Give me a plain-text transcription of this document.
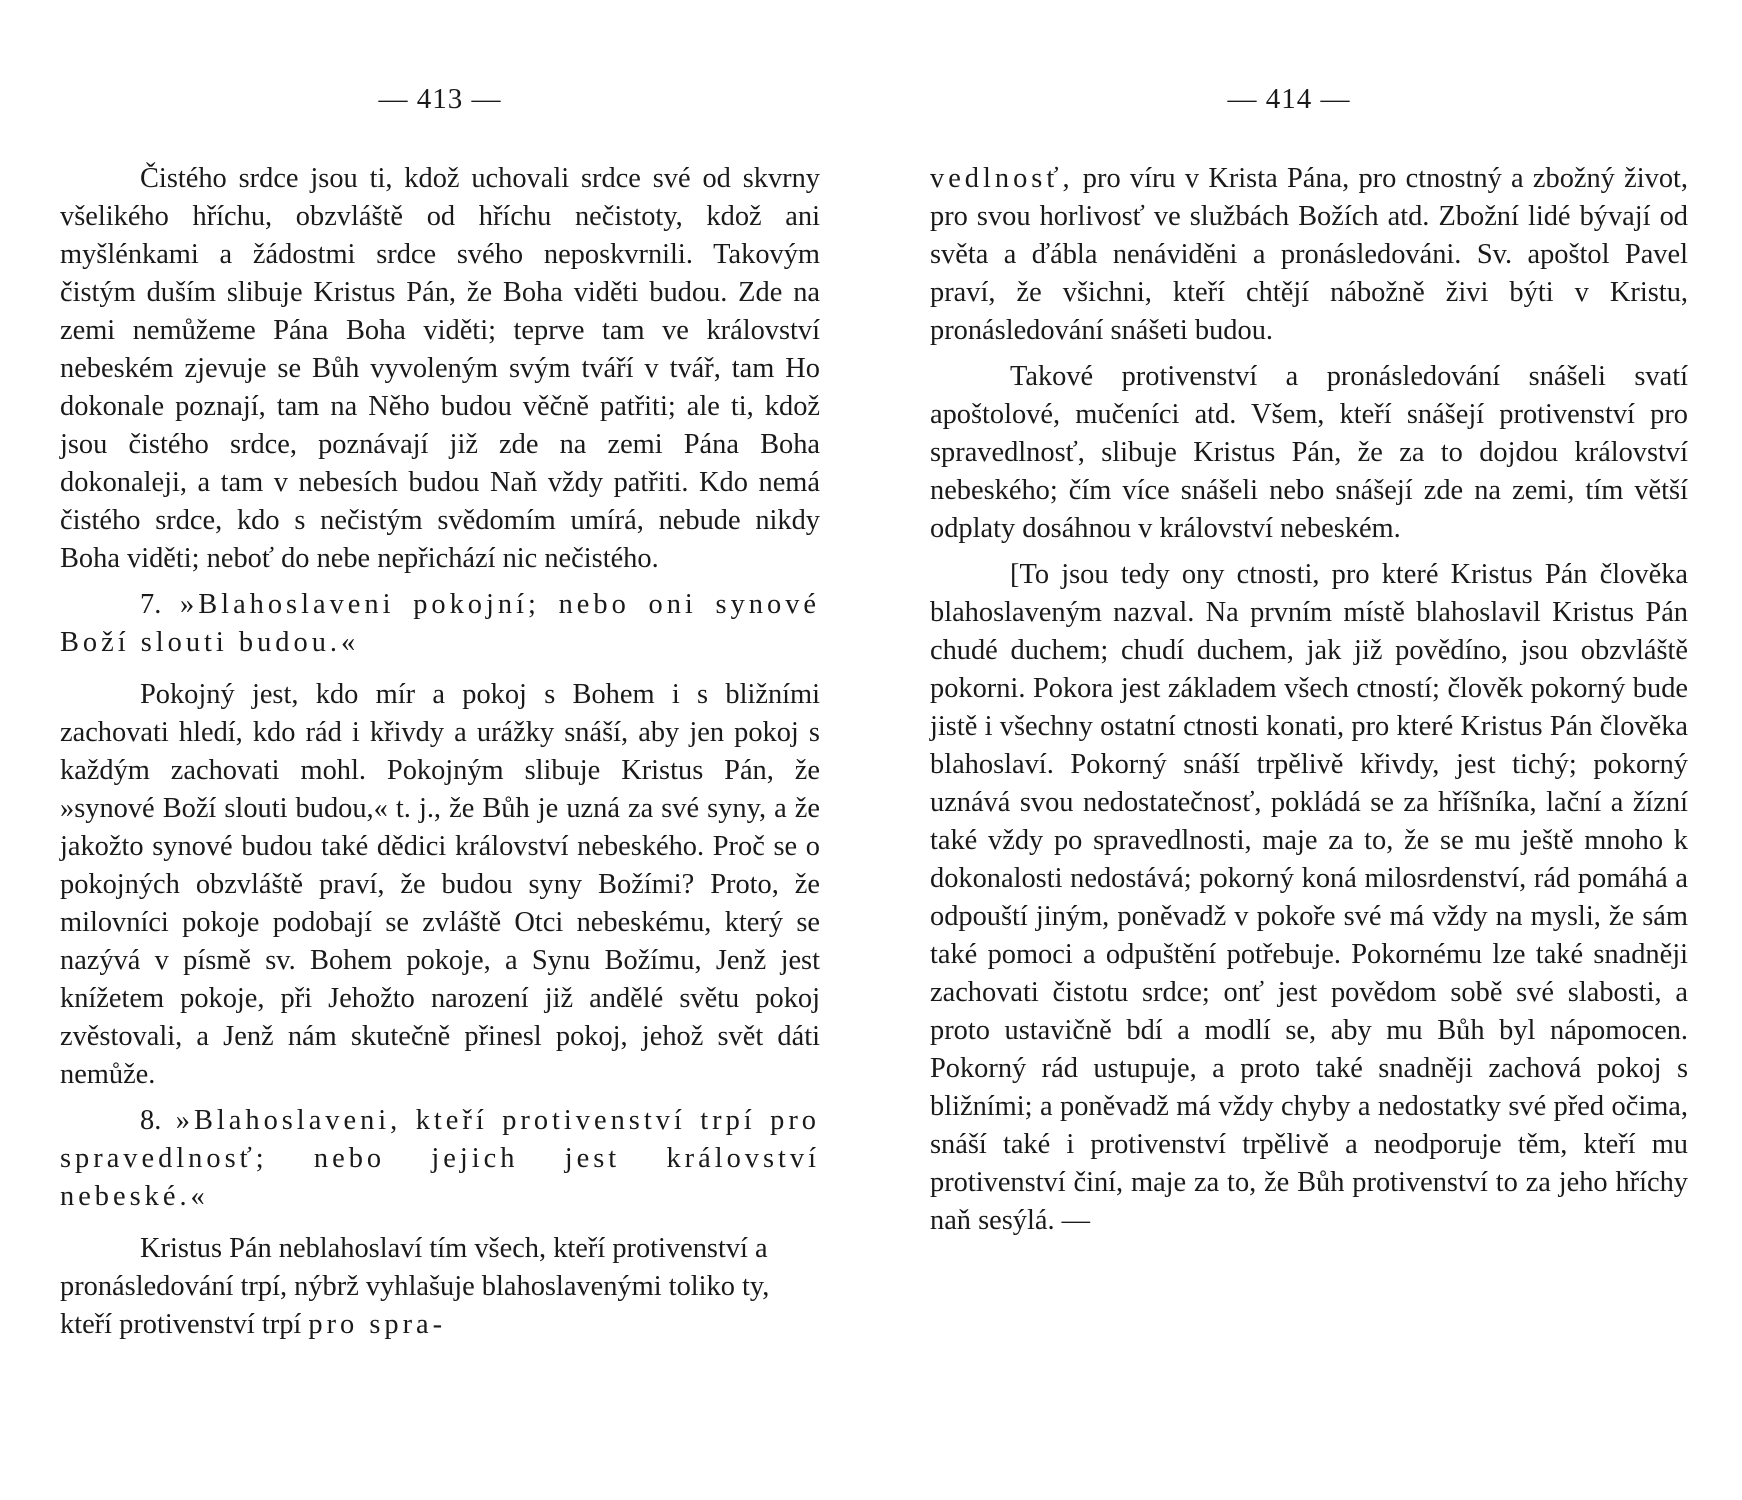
— 413 —

Čistého srdce jsou ti, kdož uchovali srdce své od skvrny všelikého hříchu, obzvláště od hříchu nečistoty, kdož ani myšlénkami a žádostmi srdce svého neposkvrnili. Takovým čistým duším slibuje Kristus Pán, že Boha viděti budou. Zde na zemi nemůžeme Pána Boha viděti; teprve tam ve království nebeském zjevuje se Bůh vyvoleným svým tváří v tvář, tam Ho dokonale poznají, tam na Něho budou věčně patřiti; ale ti, kdož jsou čistého srdce, poznávají již zde na zemi Pána Boha dokonaleji, a tam v nebesích budou Naň vždy patřiti. Kdo nemá čistého srdce, kdo s nečistým svědomím umírá, nebude nikdy Boha viděti; neboť do nebe nepřichází nic nečistého.

7. »Blahoslaveni pokojní; nebo oni synové Boží slouti budou.«

Pokojný jest, kdo mír a pokoj s Bohem i s bližními zachovati hledí, kdo rád i křivdy a urážky snáší, aby jen pokoj s každým zachovati mohl. Pokojným slibuje Kristus Pán, že »synové Boží slouti budou,« t. j., že Bůh je uzná za své syny, a že jakožto synové budou také dědici království nebeského. Proč se o pokojných obzvláště praví, že budou syny Božími? Proto, že milovníci pokoje podobají se zvláště Otci nebeskému, který se nazývá v písmě sv. Bohem pokoje, a Synu Božímu, Jenž jest knížetem pokoje, při Jehožto narození již andělé světu pokoj zvěstovali, a Jenž nám skutečně přinesl pokoj, jehož svět dáti nemůže.

8. »Blahoslaveni, kteří protivenství trpí pro spravedlnosť; nebo jejich jest království nebeské.«

Kristus Pán neblahoslaví tím všech, kteří protivenství a pronásledování trpí, nýbrž vyhlašuje blahoslavenými toliko ty, kteří protivenství trpí pro spra-

— 414 —

vedlnosť, pro víru v Krista Pána, pro ctnostný a zbožný život, pro svou horlivosť ve službách Božích atd. Zbožní lidé bývají od světa a ďábla nenáviděni a pronásledováni. Sv. apoštol Pavel praví, že všichni, kteří chtějí nábožně živi býti v Kristu, pronásledování snášeti budou.

Takové protivenství a pronásledování snášeli svatí apoštolové, mučeníci atd. Všem, kteří snášejí protivenství pro spravedlnosť, slibuje Kristus Pán, že za to dojdou království nebeského; čím více snášeli nebo snášejí zde na zemi, tím větší odplaty dosáhnou v království nebeském.

[To jsou tedy ony ctnosti, pro které Kristus Pán člověka blahoslaveným nazval. Na prvním místě blahoslavil Kristus Pán chudé duchem; chudí duchem, jak již povědíno, jsou obzvláště pokorni. Pokora jest základem všech ctností; člověk pokorný bude jistě i všechny ostatní ctnosti konati, pro které Kristus Pán člověka blahoslaví. Pokorný snáší trpělivě křivdy, jest tichý; pokorný uznává svou nedostatečnosť, pokládá se za hříšníka, lační a žízní také vždy po spravedlnosti, maje za to, že se mu ještě mnoho k dokonalosti nedostává; pokorný koná milosrdenství, rád pomáhá a odpouští jiným, poněvadž v pokoře své má vždy na mysli, že sám také pomoci a odpuštění potřebuje. Pokornému lze také snadněji zachovati čistotu srdce; onť jest povědom sobě své slabosti, a proto ustavičně bdí a modlí se, aby mu Bůh byl nápomocen. Pokorný rád ustupuje, a proto také snadněji zachová pokoj s bližními; a poněvadž má vždy chyby a nedostatky své před očima, snáší také i protivenství trpělivě a neodporuje těm, kteří mu protivenství činí, maje za to, že Bůh protivenství to za jeho hříchy naň sesýlá. —
